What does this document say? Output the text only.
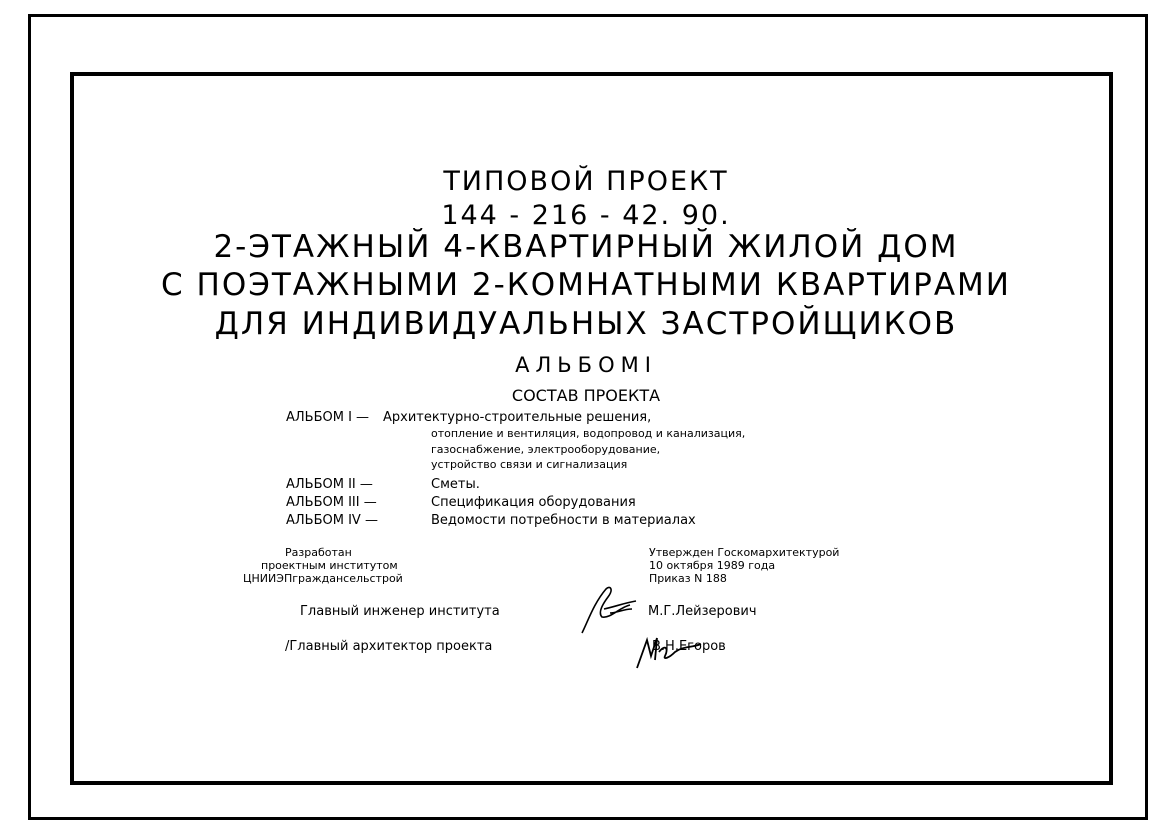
ТИПОВОЙ ПРОЕКТ
144 - 216 - 42. 90.
2-ЭТАЖНЫЙ 4-КВАРТИРНЫЙ ЖИЛОЙ ДОМ
С ПОЭТАЖНЫМИ 2-КОМНАТНЫМИ КВАРТИРАМИ
ДЛЯ ИНДИВИДУАЛЬНЫХ ЗАСТРОЙЩИКОВ
АЛЬБОМI
СОСТАВ ПРОЕКТА
АЛЬБОМ I — Архитектурно-строительные решения,
отопление и вентиляция, водопровод и канализация,
газоснабжение, электрооборудование,
устройство связи и сигнализация
АЛЬБОМ II —	Сметы.
АЛЬБОМ III —	Спецификация оборудования
АЛЬБОМ IV —	Ведомости потребности в материалах
Разработан
проектным институтом
ЦНИИЭПграждансельстрой
Утвержден Госкомархитектурой
10 октября 1989 года
Приказ N 188
Главный инженер института	М.Г.Лейзерович
/Главный архитектор проекта	В.Н.Егоров
